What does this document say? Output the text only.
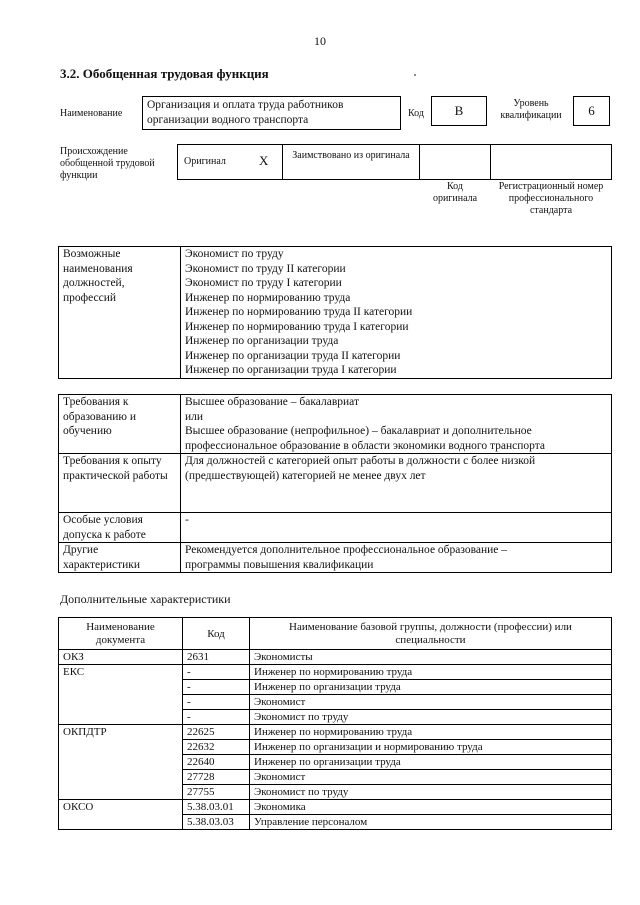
10
3.2. Обобщенная трудовая функция
Наименование
Организация и оплата труда работников организации водного транспорта	Код	B	Уровень квалификации	6
Происхождение обобщенной трудовой функции
Оригинал	X	Заимствовано из оригинала
Код оригинала
Регистрационный номер профессионального стандарта
Возможные наименования должностей, профессий	
Экономист по труду
Экономист по труду II категории
Экономист по труду I категории
Инженер по нормированию труда
Инженер по нормированию труда II категории
Инженер по нормированию труда I категории
Инженер по организации труда
Инженер по организации труда II категории
Инженер по организации труда I категории
Требования к образованию и обучению	Высшее образование – бакалавриат
или
Высшее образование (непрофильное) – бакалавриат и дополнительное
профессиональное образование в области экономики водного транспорта

Требования к опыту практической работы	Для должностей с категорией опыт работы в должности с более низкой
(предшествующей) категорией не менее двух лет

Особые условия допуска к работе	-

Другие характеристики	Рекомендуется дополнительное профессиональное образование –
программы повышения квалификации
Дополнительные характеристики
Наименование документа	Код	Наименование базовой группы, должности (профессии) или специальности
ОКЗ	2631	Экономисты
ЕКС	-	Инженер по нормированию труда
	-	Инженер по организации труда
	-	Экономист
	-	Экономист по труду
ОКПДТР	22625	Инженер по нормированию труда
	22632	Инженер по организации и нормированию труда
	22640	Инженер по организации труда
	27728	Экономист
	27755	Экономист по труду
ОКСО	5.38.03.01	Экономика
	5.38.03.03	Управление персоналом
